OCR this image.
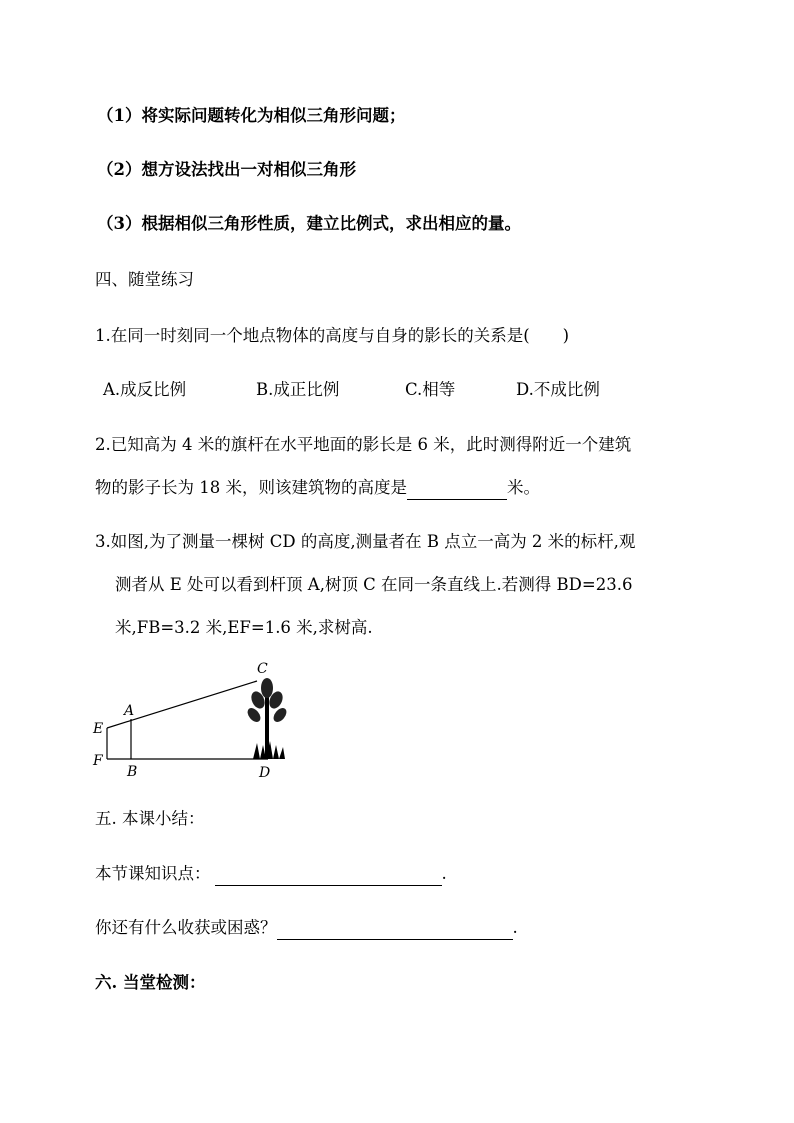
（1）将实际问题转化为相似三角形问题；
（2）想方设法找出一对相似三角形
（3）根据相似三角形性质，建立比例式，求出相应的量。
四、随堂练习
1.在同一时刻同一个地点物体的高度与自身的影长的关系是(　　)
A.成反比例	B.成正比例	C.相等	D.不成比例
2.已知高为 4 米的旗杆在水平地面的影长是 6 米，此时测得附近一个建筑
物的影子长为 18 米，则该建筑物的高度是	米。
3.如图,为了测量一棵树 CD 的高度,测量者在 B 点立一高为 2 米的标杆,观
测者从 E 处可以看到杆顶 A,树顶 C 在同一条直线上.若测得 BD=23.6
米,FB=3.2 米,EF=1.6 米,求树高.
C
A
E
F
B	D
五. 本课小结：
本节课知识点：	.
你还有什么收获或困惑？	.
六. 当堂检测：
